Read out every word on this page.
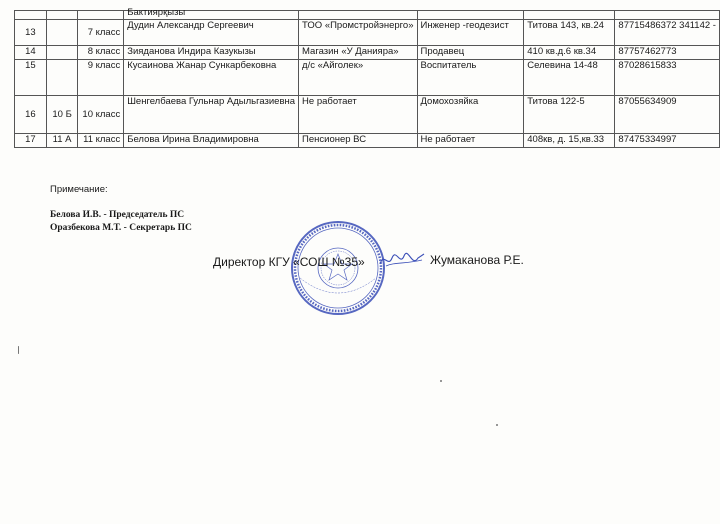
			Бактиярқызы				

13		7 класс	Дудин Александр Сергеевич	ТОО «Промстройэнерго»	Инженер -геодезист	Титова 143, кв.24	87715486372 341142 -
14		8 класс	Зияданова Индира Казукызы	Магазин «У Данияра»	Продавец	410 кв.д.6 кв.34	87757462773
15		9 класс	Кусаинова Жанар Сункарбековна	д/с «Айголек»	Воспитатель	Селевина 14-48	87028615833
16	10 Б	10 класс	Шенгелбаева Гульнар Адыльгазиевна	Не работает	Домохозяйка	Титова 122-5	87055634909
17	11 А	11 класс	Белова Ирина Владимировна	Пенсионер ВС	Не работает	408кв, д. 15,кв.33	87475334997
Примечание:
Белова И.В. - Председатель ПС
Оразбекова М.Т. - Секретарь ПС
Директор КГУ «СОШ №35»	Жумаканова Р.Е.
